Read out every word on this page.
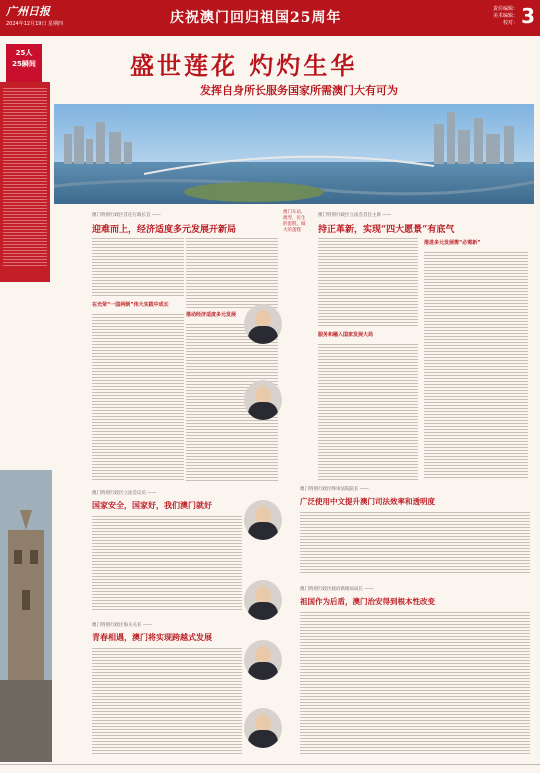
广州日报
2024年12月19日 星期四	庆祝澳门回归祖国25周年
责任编辑：
美术编辑：
校对： 3
25人
25瞬间	盛世莲花 灼灼生华
发挥自身所长服务国家所需澳门大有可为
澳门车站，澳琴，民生的蛋糕，做大的蛋糕
澳门特别行政区首任行政长官 ——
迎难而上，经济适度多元发展开新局
在光荣“一国两制”伟大实践中成长
推动经济适度多元发展
澳门特别行政区立法会首任主席 ——
持正革新，实现“四大愿景”有底气
服务和融入国家发展大局
推进多元发展需“必需新”
澳门特别行政区立法会议员 ——
国家安全，国家好，我们澳门就好
澳门特别行政区海关关长 ——
青春相遇，澳门将实现跨越式发展
澳门特别行政区终审法院院长 ——
广泛使用中文提升澳门司法效率和透明度
澳门特别行政区政府新闻局局长 ——
祖国作为后盾，澳门治安得到根本性改变
